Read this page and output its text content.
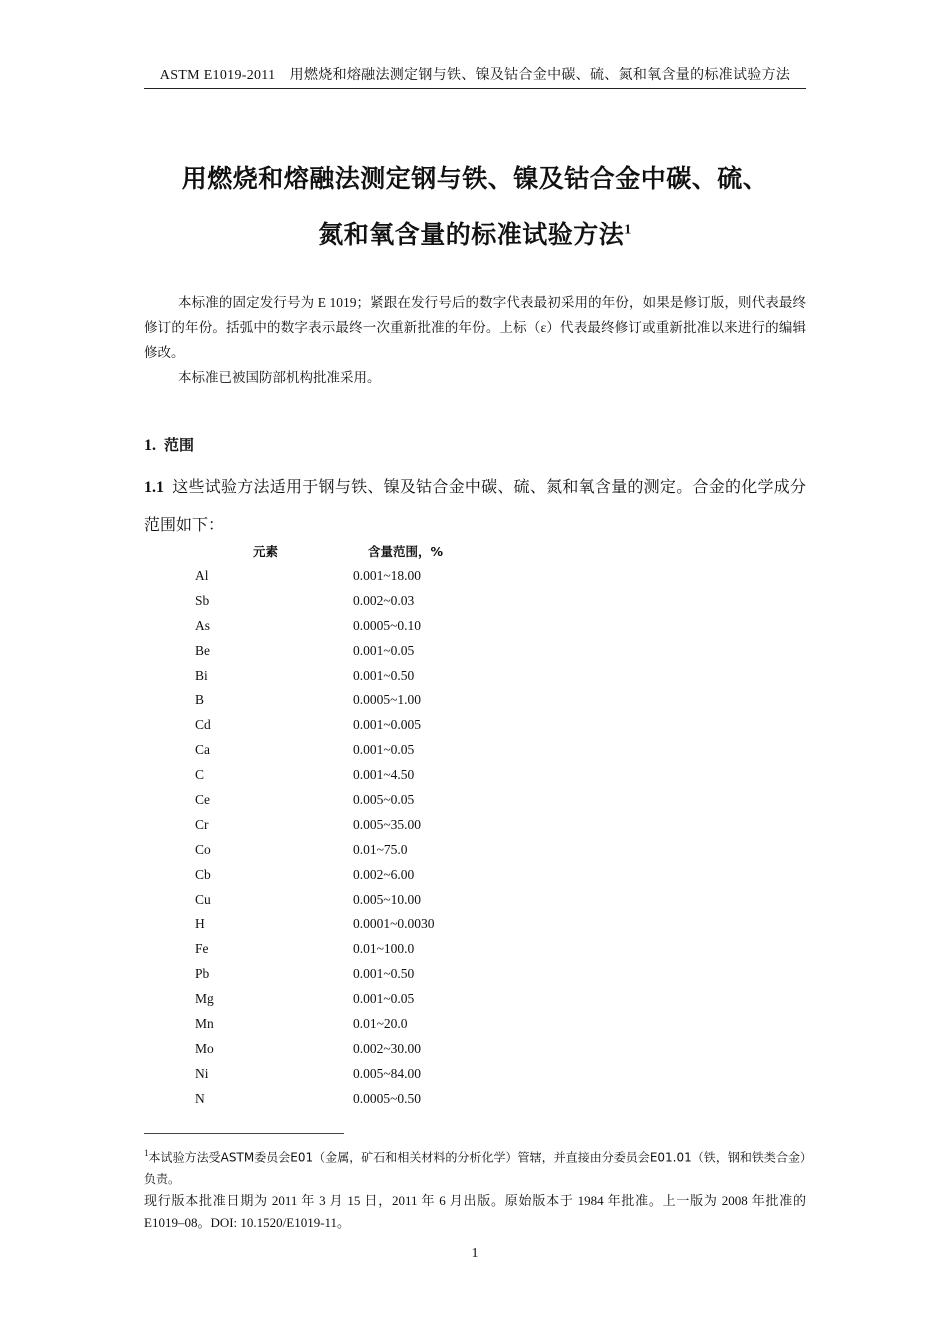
ASTM E1019-2011　用燃烧和熔融法测定钢与铁、镍及钴合金中碳、硫、氮和氧含量的标准试验方法
用燃烧和熔融法测定钢与铁、镍及钴合金中碳、硫、
氮和氧含量的标准试验方法$^1$

本标准的固定发行号为 E 1019；紧跟在发行号后的数字代表最初采用的年份，如果是修订版，则代表最终修订的年份。括弧中的数字表示最终一次重新批准的年份。上标（ε）代表最终修订或重新批准以来进行的编辑修改。

本标准已被国防部机构批准采用。

1. 范围
1.1 这些试验方法适用于钢与铁、镍及钴合金中碳、硫、氮和氧含量的测定。合金的化学成分范围如下：
元素	含量范围，%
Al	0.001~18.00
Sb	0.002~0.03
As	0.0005~0.10
Be	0.001~0.05
Bi	0.001~0.50
B	0.0005~1.00
Cd	0.001~0.005
Ca	0.001~0.05
C	0.001~4.50
Ce	0.005~0.05
Cr	0.005~35.00
Co	0.01~75.0
Cb	0.002~6.00
Cu	0.005~10.00
H	0.0001~0.0030
Fe	0.01~100.0
Pb	0.001~0.50
Mg	0.001~0.05
Mn	0.01~20.0
Mo	0.002~30.00
Ni	0.005~84.00
N	0.0005~0.50

$^1$本试验方法受ASTM委员会E01（金属，矿石和相关材料的分析化学）管辖，并直接由分委员会E01.01（铁，钢和铁类合金）负责。

现行版本批准日期为 2011 年 3 月 15 日，2011 年 6 月出版。原始版本于 1984 年批准。上一版为 2008 年批准的 E1019–08。DOI: 10.1520/E1019-11。

1
